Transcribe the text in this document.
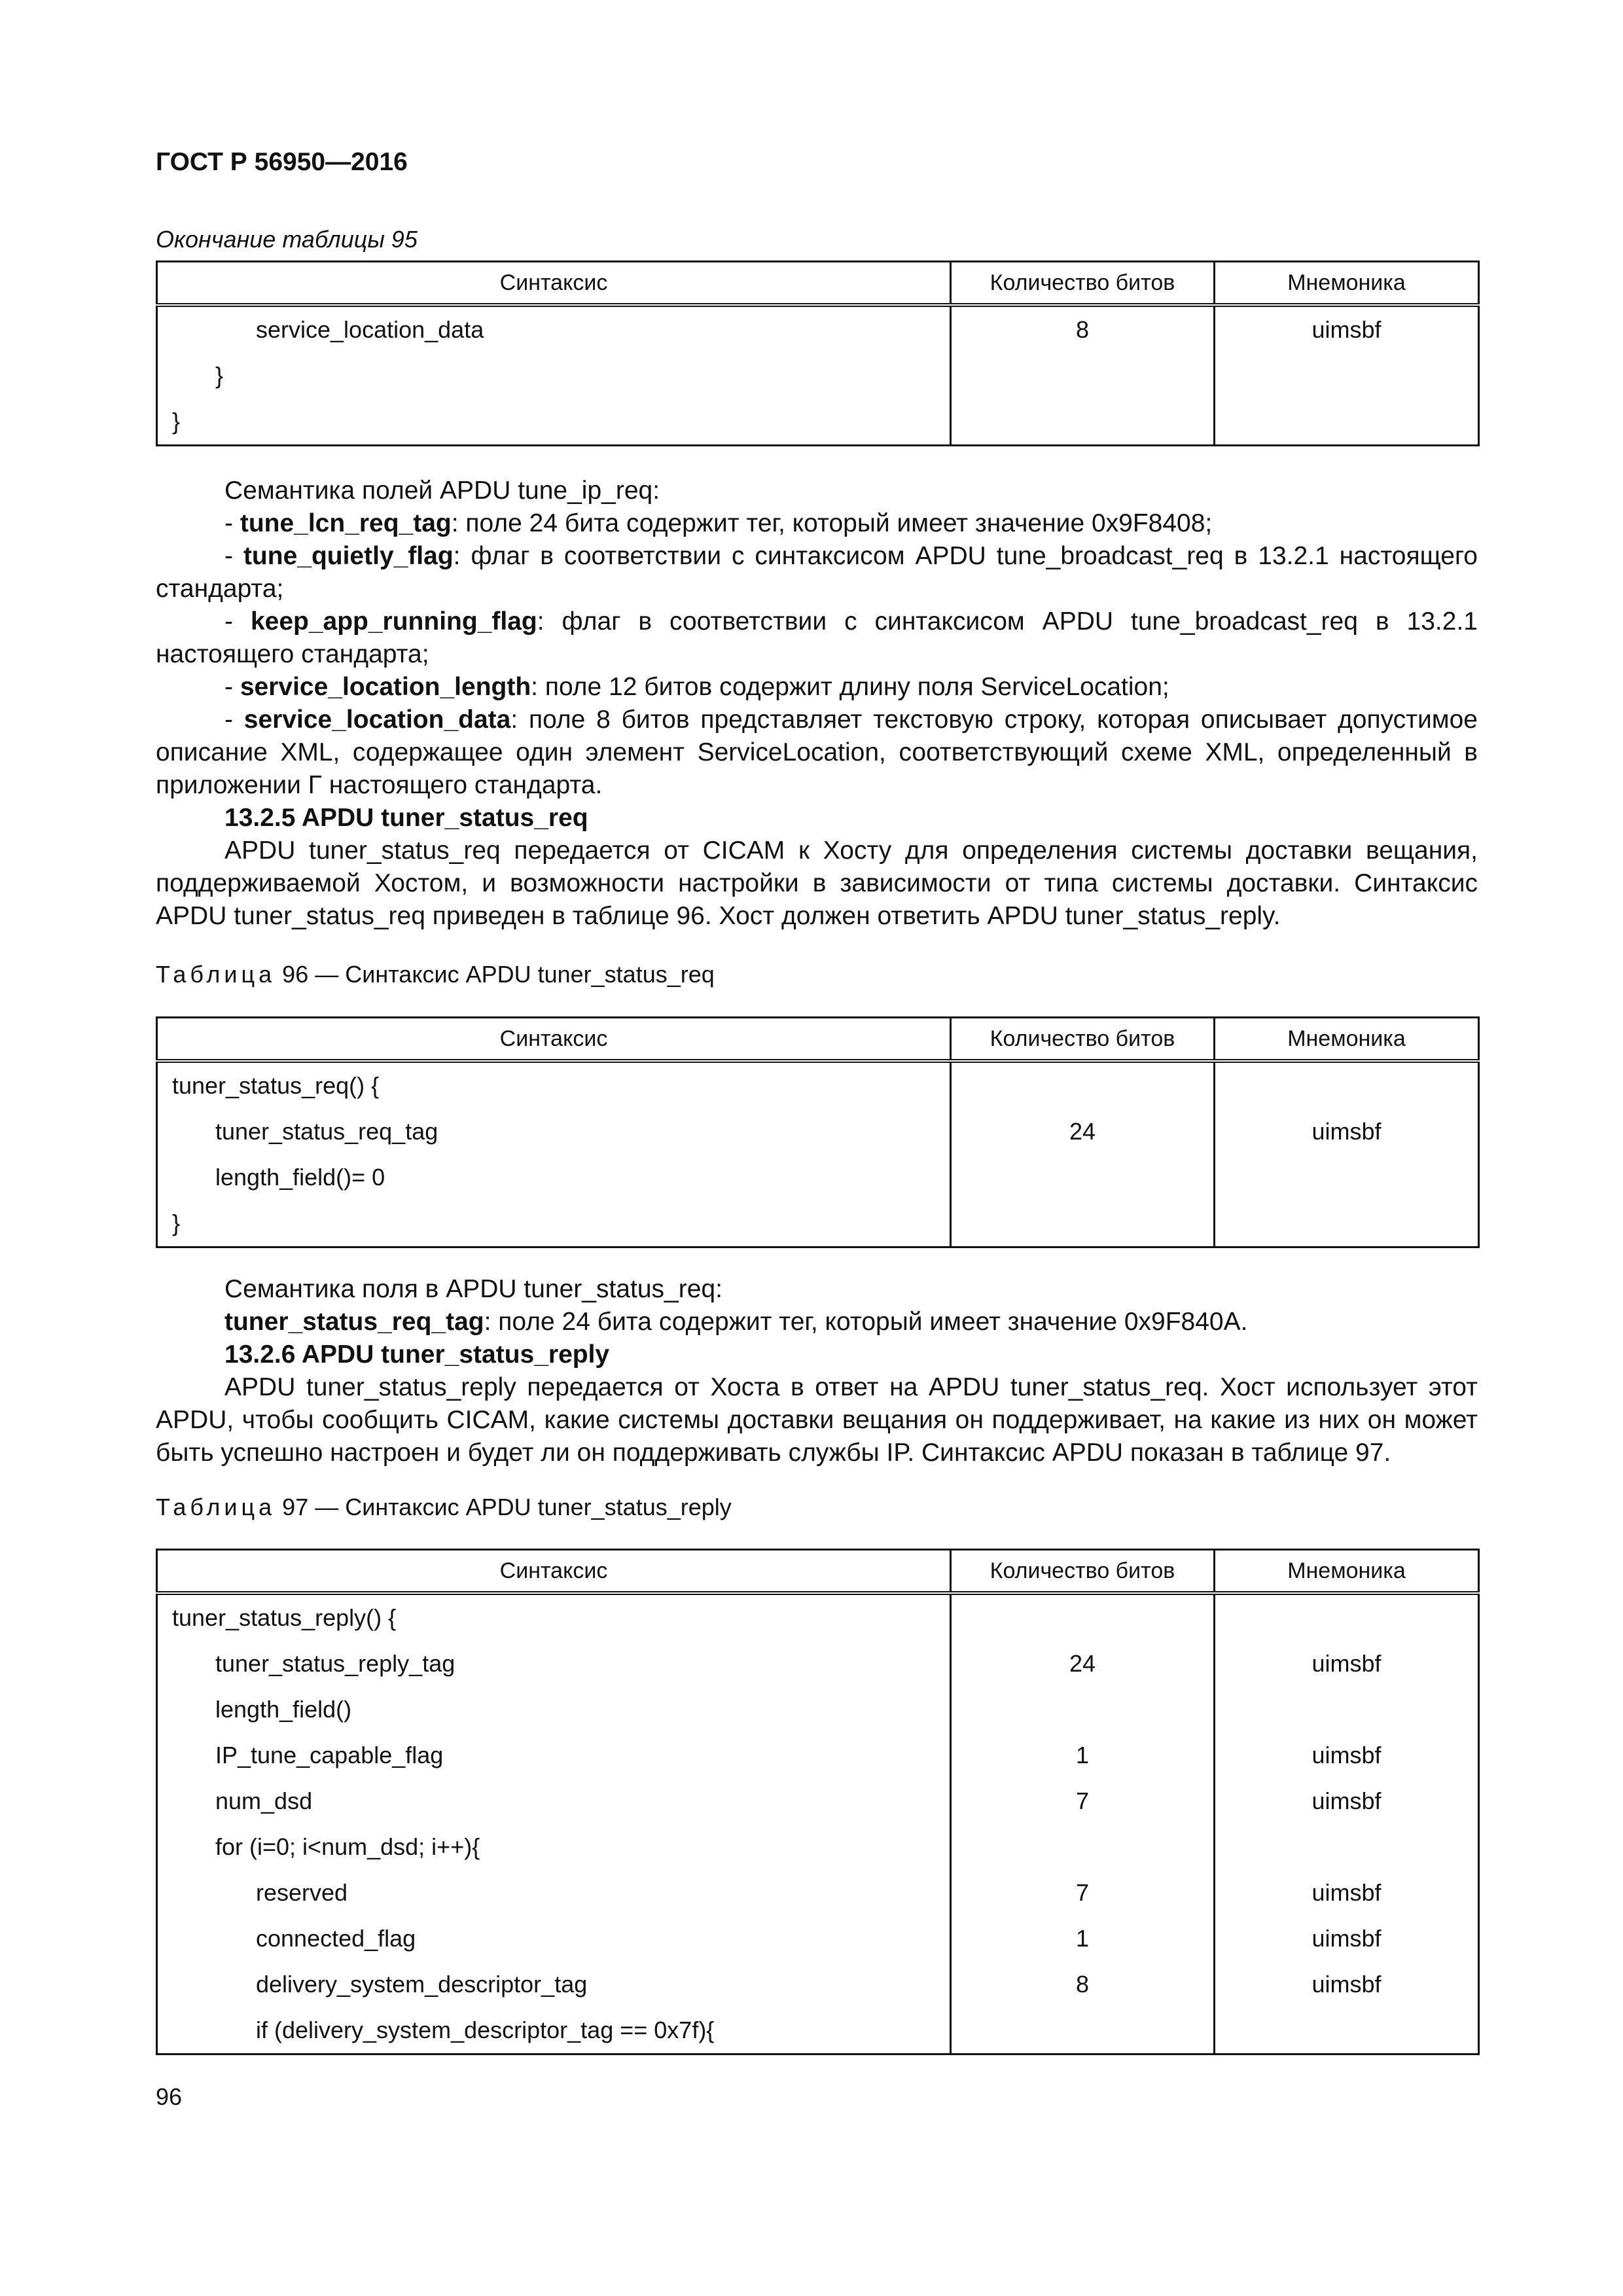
ГОСТ Р 56950—2016
Окончание таблицы 95
Синтаксис	Количество битов	Мнемоника
service_location_data	8	uimsbf
}		
}		

Семантика полей APDU tune_ip_req:

- tune_lcn_req_tag: поле 24 бита содержит тег, который имеет значение 0x9F8408;

- tune_quietly_flag: флаг в соответствии с синтаксисом APDU tune_broadcast_req в 13.2.1 настоящего стандарта;

- keep_app_running_flag: флаг в соответствии с синтаксисом APDU tune_broadcast_req в 13.2.1 настоящего стандарта;

- service_location_length: поле 12 битов содержит длину поля ServiceLocation;

- service_location_data: поле 8 битов представляет текстовую строку, которая описывает допустимое описание XML, содержащее один элемент ServiceLocation, соответствующий схеме XML, определенный в приложении Г настоящего стандарта.

13.2.5 APDU tuner_status_req

APDU tuner_status_req передается от CICAM к Хосту для определения системы доставки вещания, поддерживаемой Хостом, и возможности настройки в зависимости от типа системы доставки. Синтаксис APDU tuner_status_req приведен в таблице 96. Хост должен ответить APDU tuner_status_reply.

Таблица 96 — Синтаксис APDU tuner_status_req
Синтаксис	Количество битов	Мнемоника
tuner_status_req() {		
tuner_status_req_tag	24	uimsbf
length_field()= 0		
}		

Семантика поля в APDU tuner_status_req:

tuner_status_req_tag: поле 24 бита содержит тег, который имеет значение 0x9F840A.

13.2.6 APDU tuner_status_reply

APDU tuner_status_reply передается от Хоста в ответ на APDU tuner_status_req. Хост использует этот APDU, чтобы сообщить CICAM, какие системы доставки вещания он поддерживает, на какие из них он может быть успешно настроен и будет ли он поддерживать службы IP. Синтаксис APDU показан в таблице 97.

Таблица 97 — Синтаксис APDU tuner_status_reply
Синтаксис	Количество битов	Мнемоника
tuner_status_reply() {		
tuner_status_reply_tag	24	uimsbf
length_field()		
IP_tune_capable_flag	1	uimsbf
num_dsd	7	uimsbf
for (i=0; i<num_dsd; i++){		
reserved	7	uimsbf
connected_flag	1	uimsbf
delivery_system_descriptor_tag	8	uimsbf
if (delivery_system_descriptor_tag == 0x7f){		
96
